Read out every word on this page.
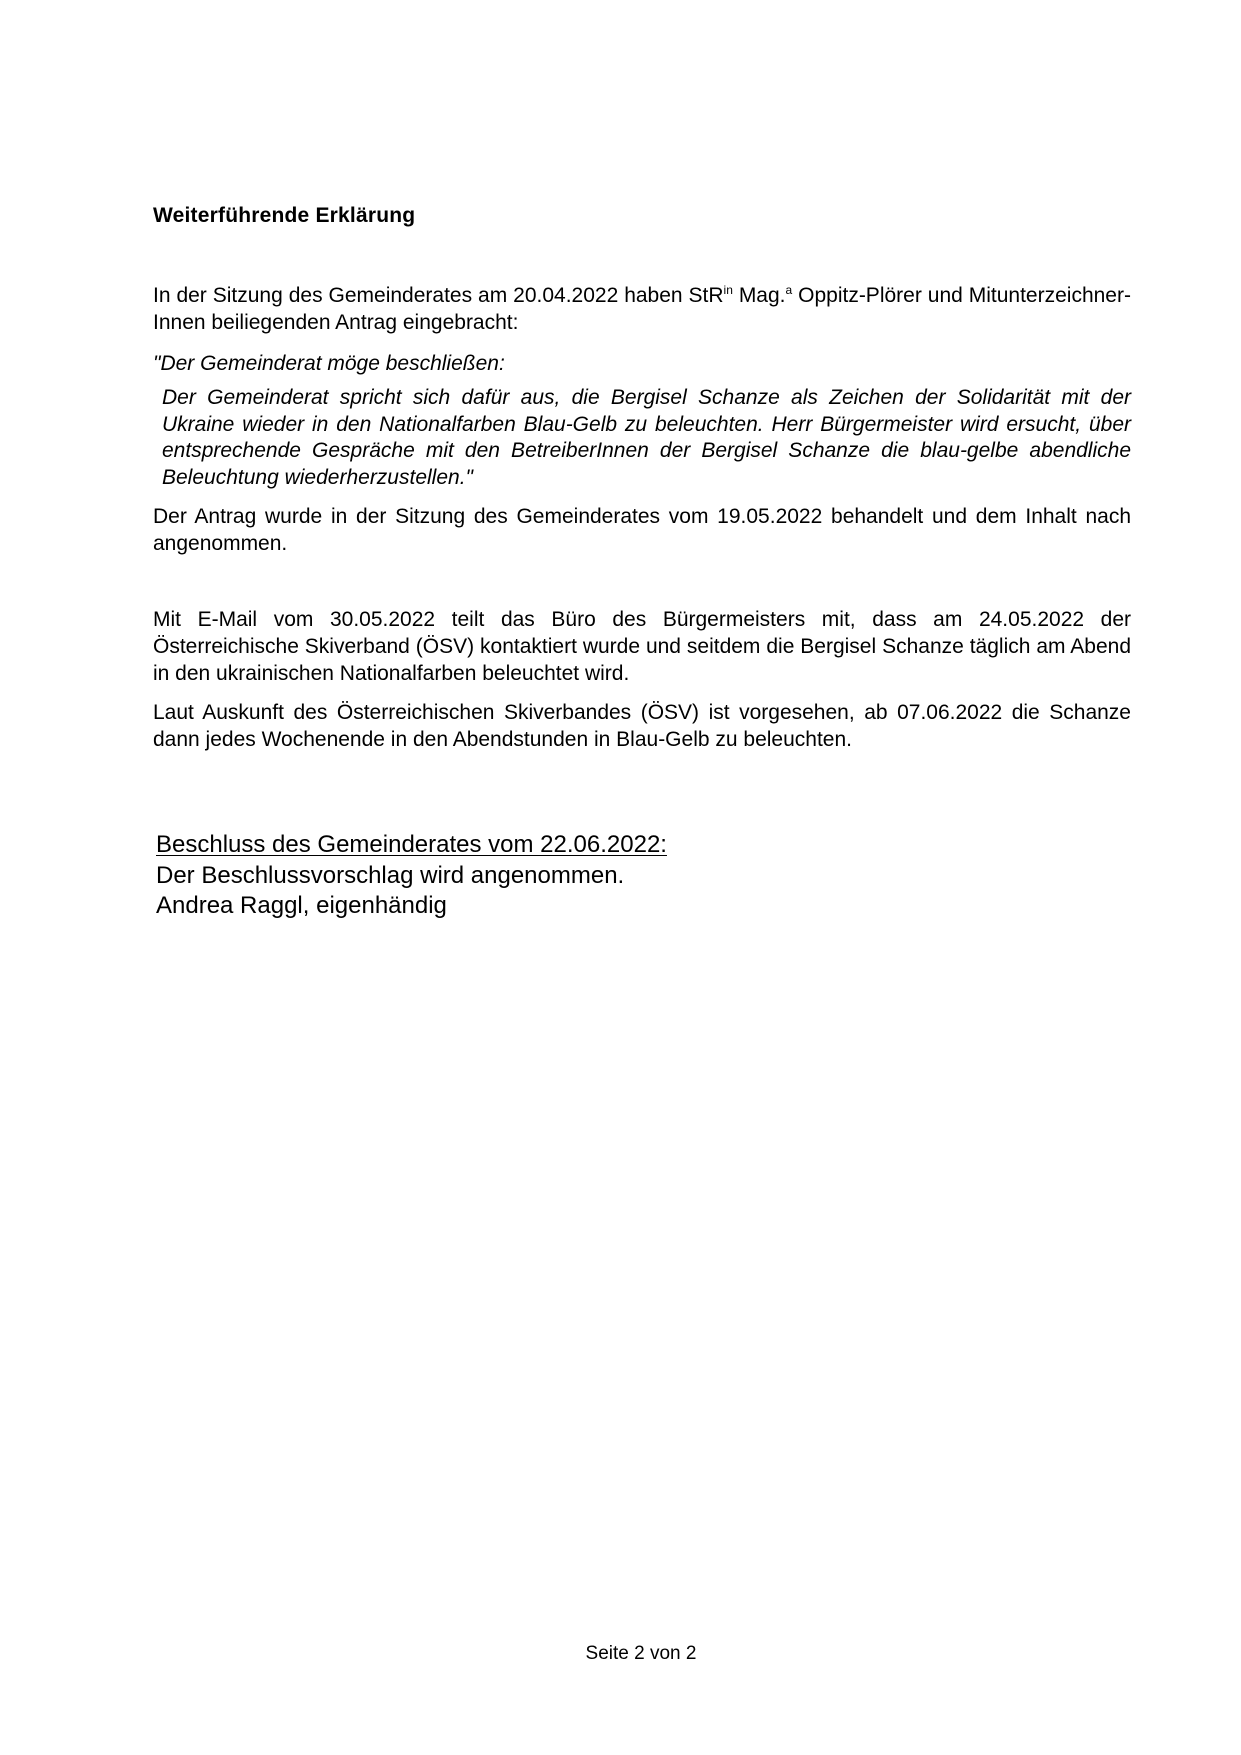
Weiterführende Erklärung
In der Sitzung des Gemeinderates am 20.04.2022 haben StR$^{in}$ Mag.$^a$ Oppitz-Plörer und MitunterzeichnerInnen beiliegenden Antrag eingebracht:
"Der Gemeinderat möge beschließen:
Der Gemeinderat spricht sich dafür aus, die Bergisel Schanze als Zeichen der Solidarität mit der Ukraine wieder in den Nationalfarben Blau-Gelb zu beleuchten. Herr Bürgermeister wird ersucht, über entsprechende Gespräche mit den BetreiberInnen der Bergisel Schanze die blau-gelbe abendliche Beleuchtung wiederherzustellen."
Der Antrag wurde in der Sitzung des Gemeinderates vom 19.05.2022 behandelt und dem Inhalt nach angenommen.
Mit E-Mail vom 30.05.2022 teilt das Büro des Bürgermeisters mit, dass am 24.05.2022 der Österreichische Skiverband (ÖSV) kontaktiert wurde und seitdem die Bergisel Schanze täglich am Abend in den ukrainischen Nationalfarben beleuchtet wird.
Laut Auskunft des Österreichischen Skiverbandes (ÖSV) ist vorgesehen, ab 07.06.2022 die Schanze dann jedes Wochenende in den Abendstunden in Blau-Gelb zu beleuchten.
Beschluss des Gemeinderates vom 22.06.2022:
Der Beschlussvorschlag wird angenommen.
Andrea Raggl, eigenhändig
Seite 2 von 2
